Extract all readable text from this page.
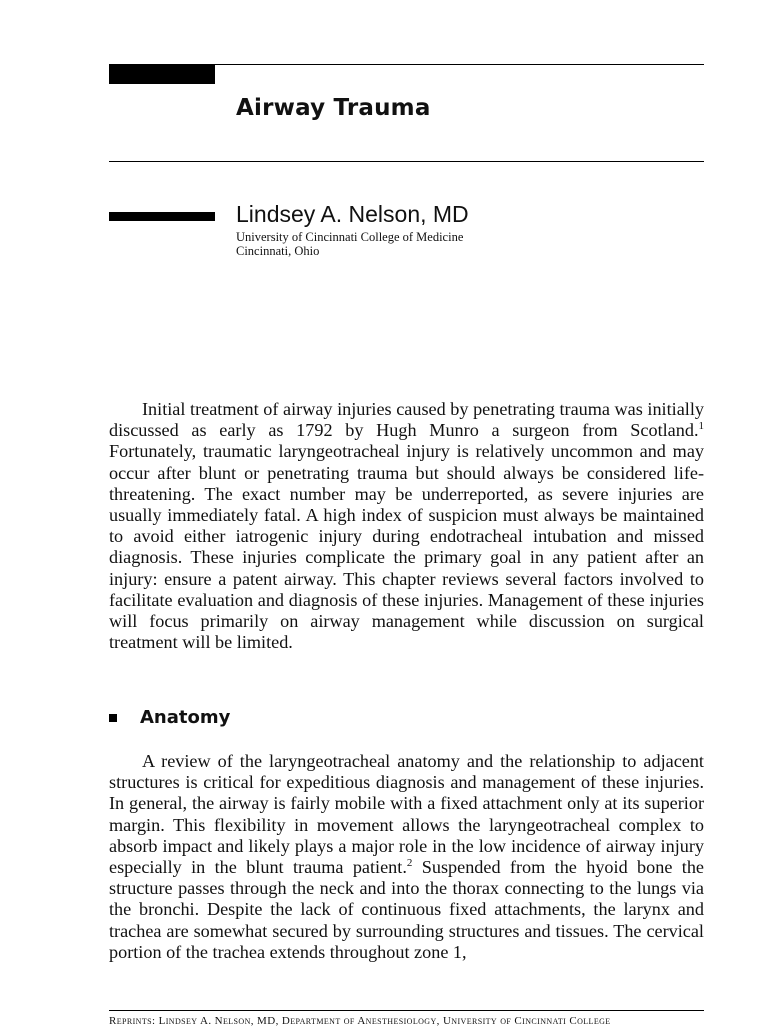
Airway Trauma
Lindsey A. Nelson, MD
University of Cincinnati College of Medicine
Cincinnati, Ohio

Initial treatment of airway injuries caused by penetrating trauma was initially discussed as early as 1792 by Hugh Munro a surgeon from Scotland.$^1$ Fortunately, traumatic laryngeotracheal injury is relatively uncommon and may occur after blunt or penetrating trauma but should always be considered life-threatening. The exact number may be underreported, as severe injuries are usually immediately fatal. A high index of suspicion must always be maintained to avoid either iatrogenic injury during endotracheal intubation and missed diagnosis. These injuries complicate the primary goal in any patient after an injury: ensure a patent airway. This chapter reviews several factors involved to facilitate evaluation and diagnosis of these injuries. Management of these injuries will focus primarily on airway management while discussion on surgical treatment will be limited.

Anatomy

A review of the laryngeotracheal anatomy and the relationship to adjacent structures is critical for expeditious diagnosis and management of these injuries. In general, the airway is fairly mobile with a fixed attachment only at its superior margin. This flexibility in movement allows the laryngeotracheal complex to absorb impact and likely plays a major role in the low incidence of airway injury especially in the blunt trauma patient.$^2$ Suspended from the hyoid bone the structure passes through the neck and into the thorax connecting to the lungs via the bronchi. Despite the lack of continuous fixed attachments, the larynx and trachea are somewhat secured by surrounding structures and tissues. The cervical portion of the trachea extends throughout zone 1,

Reprints: Lindsey A. Nelson, MD, Department of Anesthesiology, University of Cincinnati College
